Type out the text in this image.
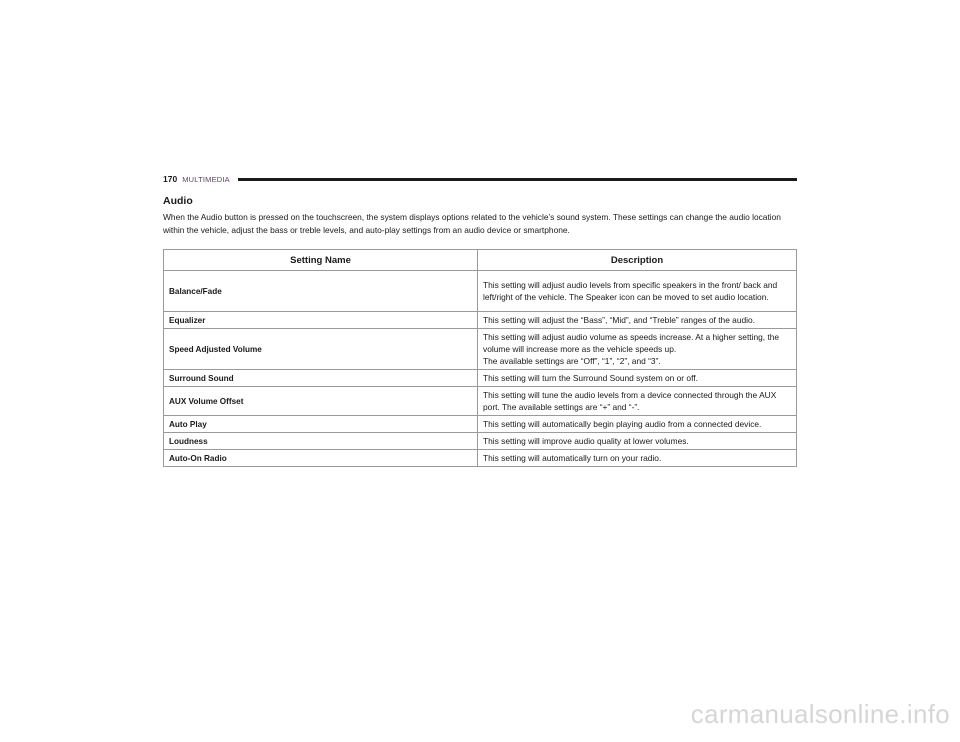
170 MULTIMEDIA
Audio

When the Audio button is pressed on the touchscreen, the system displays options related to the vehicle’s sound system. These settings can change the audio location within the vehicle, adjust the bass or treble levels, and auto-play settings from an audio device or smartphone.

Setting Name	Description
Balance/Fade	This setting will adjust audio levels from specific speakers in the front/ back and left/right of the vehicle. The Speaker icon can be moved to set audio location.
Equalizer	This setting will adjust the “Bass”, “Mid”, and “Treble” ranges of the audio.
Speed Adjusted Volume	This setting will adjust audio volume as speeds increase. At a higher setting, the volume will increase more as the vehicle speeds up.
The available settings are “Off”, “1”, “2”, and “3”.

Surround Sound	This setting will turn the Surround Sound system on or off.
AUX Volume Offset	This setting will tune the audio levels from a device connected through the AUX port. The available settings are “+” and “-”.
Auto Play	This setting will automatically begin playing audio from a connected device.
Loudness	This setting will improve audio quality at lower volumes.
Auto-On Radio	This setting will automatically turn on your radio.
carmanualsonline.info
